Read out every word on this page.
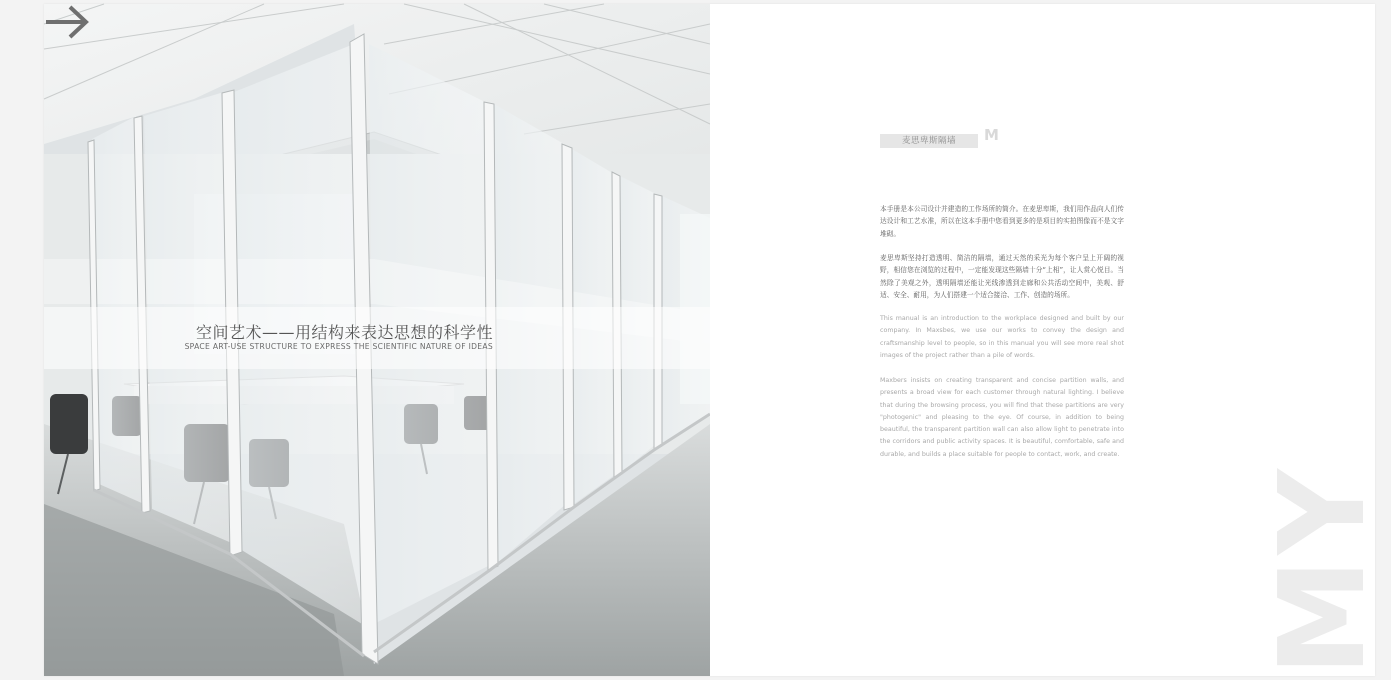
空间艺术——用结构来表达思想的科学性
SPACE ART-USE STRUCTURE TO EXPRESS THE SCIENTIFIC NATURE OF IDEAS
麦思卑斯隔墙 M

本手册是本公司设计并建造的工作场所的简介。在麦思卑斯，我们用作品向人们传达设计和工艺水准，所以在这本手册中您看到更多的是项目的实拍图像而不是文字堆砌。

麦思卑斯坚持打造透明、简洁的隔墙，通过天然的采光为每个客户呈上开阔的视野，相信您在浏览的过程中，一定能发现这些隔墙十分“上相”，让人赏心悦目。当然除了美观之外，透明隔墙还能让光线渗透到走廊和公共活动空间中，美观、舒适、安全、耐用，为人们搭建一个适合接洽、工作、创造的场所。

This manual is an introduction to the workplace designed and built by our company. In Maxsbes, we use our works to convey the design and craftsmanship level to people, so in this manual you will see more real shot images of the project rather than a pile of words.

Maxbers insists on creating transparent and concise partition walls, and presents a broad view for each customer through natural lighting. I believe that during the browsing process, you will find that these partitions are very "photogenic" and pleasing to the eye. Of course, in addition to being beautiful, the transparent partition wall can also allow light to penetrate into the corridors and public activity spaces. It is beautiful, comfortable, safe and durable, and builds a place suitable for people to contact, work, and create.

MY
